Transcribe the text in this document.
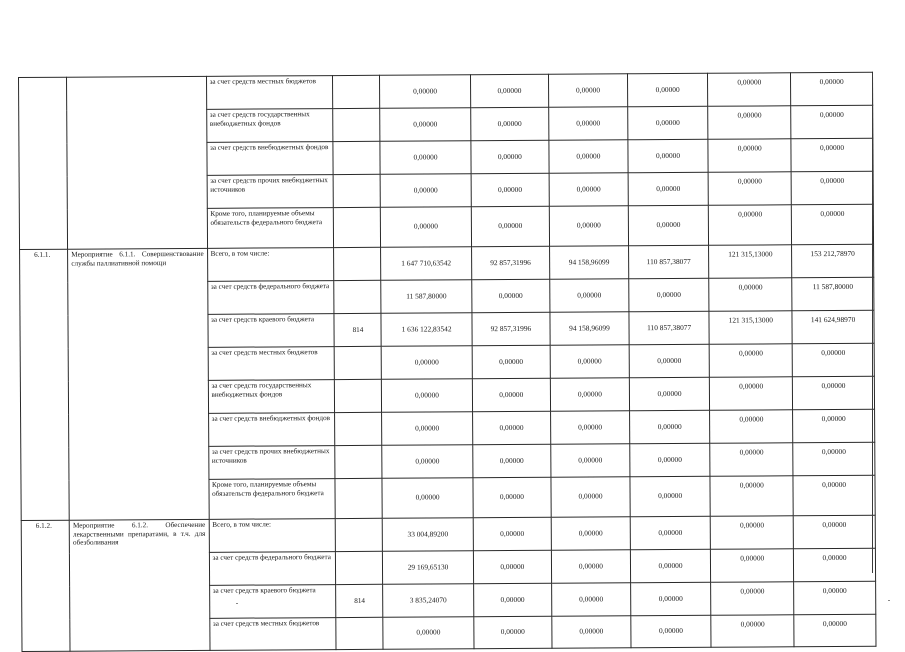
		за счет средств местных бюджетов		0,00000	0,00000	0,00000	0,00000	0,00000	0,00000
		за счет средств государственных внебюджетных фондов		0,00000	0,00000	0,00000	0,00000	0,00000	0,00000
		за счет средств внебюджетных фондов		0,00000	0,00000	0,00000	0,00000	0,00000	0,00000
		за счет средств прочих внебюджетных источников		0,00000	0,00000	0,00000	0,00000	0,00000	0,00000
		Кроме того, планируемые объемы обязательств федерального бюджета		0,00000	0,00000	0,00000	0,00000	0,00000	0,00000
6.1.1.	Мероприятие 6.1.1. Совершенствование службы паллиативной помощи	Всего, в том числе:		1 647 710,63542	92 857,31996	94 158,96099	110 857,38077	121 315,13000	153 212,78970
		за счет средств федерального бюджета		11 587,80000	0,00000	0,00000	0,00000	0,00000	11 587,80000
		за счет средств краевого бюджета	814	1 636 122,83542	92 857,31996	94 158,96099	110 857,38077	121 315,13000	141 624,98970
		за счет средств местных бюджетов		0,00000	0,00000	0,00000	0,00000	0,00000	0,00000
		за счет средств государственных внебюджетных фондов		0,00000	0,00000	0,00000	0,00000	0,00000	0,00000
		за счет средств внебюджетных фондов		0,00000	0,00000	0,00000	0,00000	0,00000	0,00000
		за счет средств прочих внебюджетных источников		0,00000	0,00000	0,00000	0,00000	0,00000	0,00000
		Кроме того, планируемые объемы обязательств федерального бюджета		0,00000	0,00000	0,00000	0,00000	0,00000	0,00000
6.1.2.	Мероприятие 6.1.2. Обеспечение лекарственными препаратами, в т.ч. для обезболивания	Всего, в том числе:		33 004,89200	0,00000	0,00000	0,00000	0,00000	0,00000
		за счет средств федерального бюджета		29 169,65130	0,00000	0,00000	0,00000	0,00000	0,00000
		за счет средств краевого бюджета	814	3 835,24070	0,00000	0,00000	0,00000	0,00000	0,00000
		за счет средств местных бюджетов		0,00000	0,00000	0,00000	0,00000	0,00000	0,00000
